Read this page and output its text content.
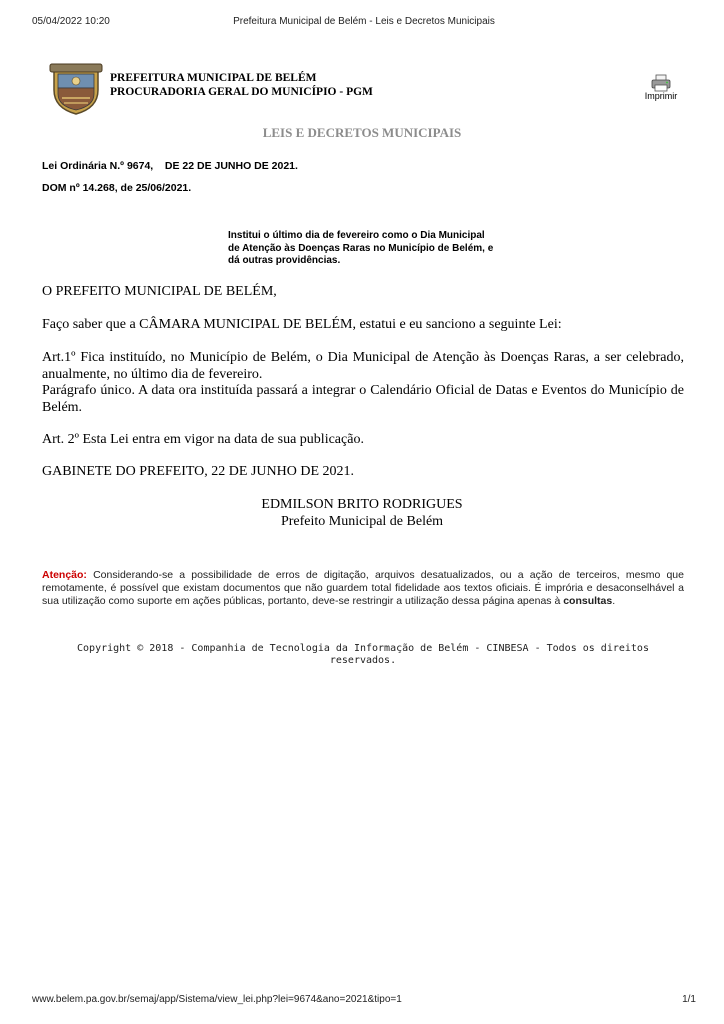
05/04/2022 10:20	Prefeitura Municipal de Belém - Leis e Decretos Municipais
PREFEITURA MUNICIPAL DE BELÉM
PROCURADORIA GERAL DO MUNICÍPIO - PGM	Imprimir
LEIS E DECRETOS MUNICIPAIS
Lei Ordinária N.º 9674,    DE 22 DE JUNHO DE 2021.
DOM nº 14.268, de 25/06/2021.
Institui o último dia de fevereiro como o Dia Municipal de Atenção às Doenças Raras no Município de Belém, e dá outras providências.
O PREFEITO MUNICIPAL DE BELÉM,
Faço saber que a CÂMARA MUNICIPAL DE BELÉM, estatui e eu sanciono a seguinte Lei:
Art.1º Fica instituído, no Município de Belém, o Dia Municipal de Atenção às Doenças Raras, a ser celebrado, anualmente, no último dia de fevereiro.
Parágrafo único. A data ora instituída passará a integrar o Calendário Oficial de Datas e Eventos do Município de Belém.
Art. 2º Esta Lei entra em vigor na data de sua publicação.
GABINETE DO PREFEITO, 22 DE JUNHO DE 2021.
EDMILSON BRITO RODRIGUES
Prefeito Municipal de Belém
Atenção: Considerando-se a possibilidade de erros de digitação, arquivos desatualizados, ou a ação de terceiros, mesmo que remotamente, é possível que existam documentos que não guardem total fidelidade aos textos oficiais. É imprória e desaconselhável a sua utilização como suporte em ações públicas, portanto, deve-se restringir a utilização dessa página apenas à consultas.
Copyright © 2018 - Companhia de Tecnologia da Informação de Belém - CINBESA - Todos os direitos reservados.
www.belem.pa.gov.br/semaj/app/Sistema/view_lei.php?lei=9674&ano=2021&tipo=1	1/1
